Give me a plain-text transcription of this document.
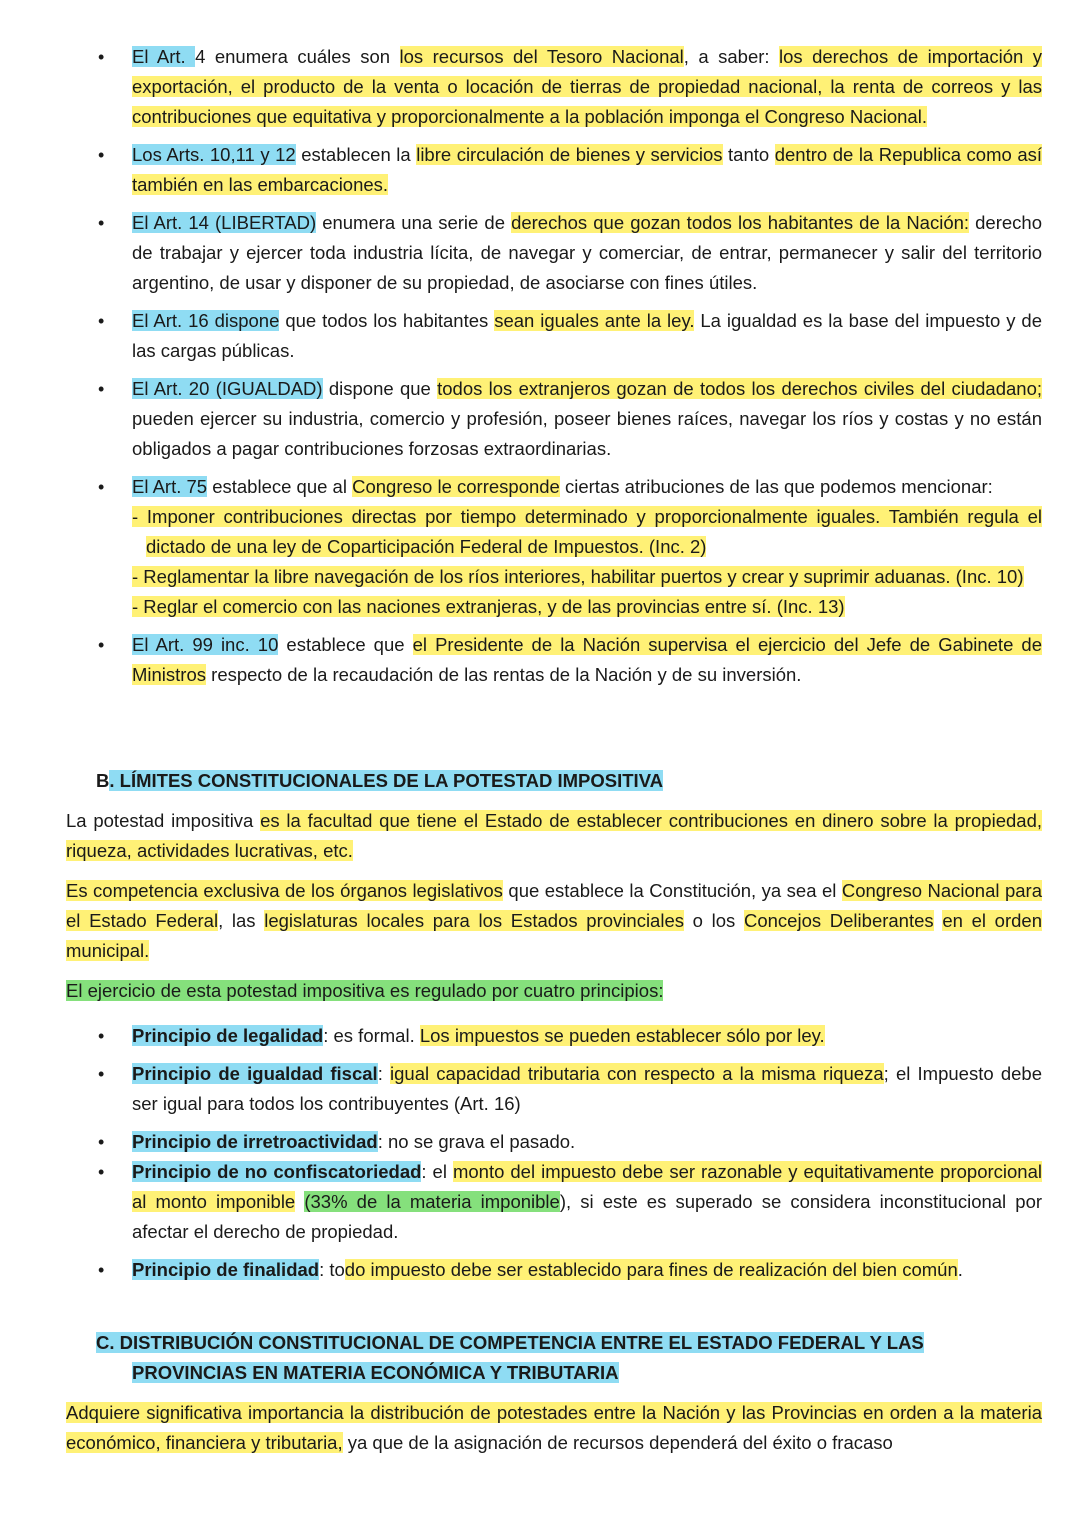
• El Art. 4 enumera cuáles son los recursos del Tesoro Nacional, a saber: los derechos de importación y exportación, el producto de la venta o locación de tierras de propiedad nacional, la renta de correos y las contribuciones que equitativa y proporcionalmente a la población imponga el Congreso Nacional.
• Los Arts. 10,11 y 12 establecen la libre circulación de bienes y servicios tanto dentro de la Republica como así también en las embarcaciones.
• El Art. 14 (LIBERTAD) enumera una serie de derechos que gozan todos los habitantes de la Nación: derecho de trabajar y ejercer toda industria lícita, de navegar y comerciar, de entrar, permanecer y salir del territorio argentino, de usar y disponer de su propiedad, de asociarse con fines útiles.
• El Art. 16 dispone que todos los habitantes sean iguales ante la ley. La igualdad es la base del impuesto y de las cargas públicas.
• El Art. 20 (IGUALDAD) dispone que todos los extranjeros gozan de todos los derechos civiles del ciudadano; pueden ejercer su industria, comercio y profesión, poseer bienes raíces, navegar los ríos y costas y no están obligados a pagar contribuciones forzosas extraordinarias.
• El Art. 75 establece que al Congreso le corresponde ciertas atribuciones de las que podemos mencionar:
- Imponer contribuciones directas por tiempo determinado y proporcionalmente iguales. También regula el dictado de una ley de Coparticipación Federal de Impuestos. (Inc. 2)
- Reglamentar la libre navegación de los ríos interiores, habilitar puertos y crear y suprimir aduanas. (Inc. 10)
- Reglar el comercio con las naciones extranjeras, y de las provincias entre sí. (Inc. 13)
• El Art. 99 inc. 10 establece que el Presidente de la Nación supervisa el ejercicio del Jefe de Gabinete de Ministros respecto de la recaudación de las rentas de la Nación y de su inversión.
B. LÍMITES CONSTITUCIONALES DE LA POTESTAD IMPOSITIVA

La potestad impositiva es la facultad que tiene el Estado de establecer contribuciones en dinero sobre la propiedad, riqueza, actividades lucrativas, etc.

Es competencia exclusiva de los órganos legislativos que establece la Constitución, ya sea el Congreso Nacional para el Estado Federal, las legislaturas locales para los Estados provinciales o los Concejos Deliberantes en el orden municipal.

El ejercicio de esta potestad impositiva es regulado por cuatro principios:

• Principio de legalidad: es formal. Los impuestos se pueden establecer sólo por ley.
• Principio de igualdad fiscal: igual capacidad tributaria con respecto a la misma riqueza; el Impuesto debe ser igual para todos los contribuyentes (Art. 16)
• Principio de irretroactividad: no se grava el pasado.
• Principio de no confiscatoriedad: el monto del impuesto debe ser razonable y equitativamente proporcional al monto imponible (33% de la materia imponible), si este es superado se considera inconstitucional por afectar el derecho de propiedad.
• Principio de finalidad: todo impuesto debe ser establecido para fines de realización del bien común.
C. DISTRIBUCIÓN CONSTITUCIONAL DE COMPETENCIA ENTRE EL ESTADO FEDERAL Y LAS PROVINCIAS EN MATERIA ECONÓMICA Y TRIBUTARIA

Adquiere significativa importancia la distribución de potestades entre la Nación y las Provincias en orden a la materia económico, financiera y tributaria, ya que de la asignación de recursos dependerá del éxito o fracaso
